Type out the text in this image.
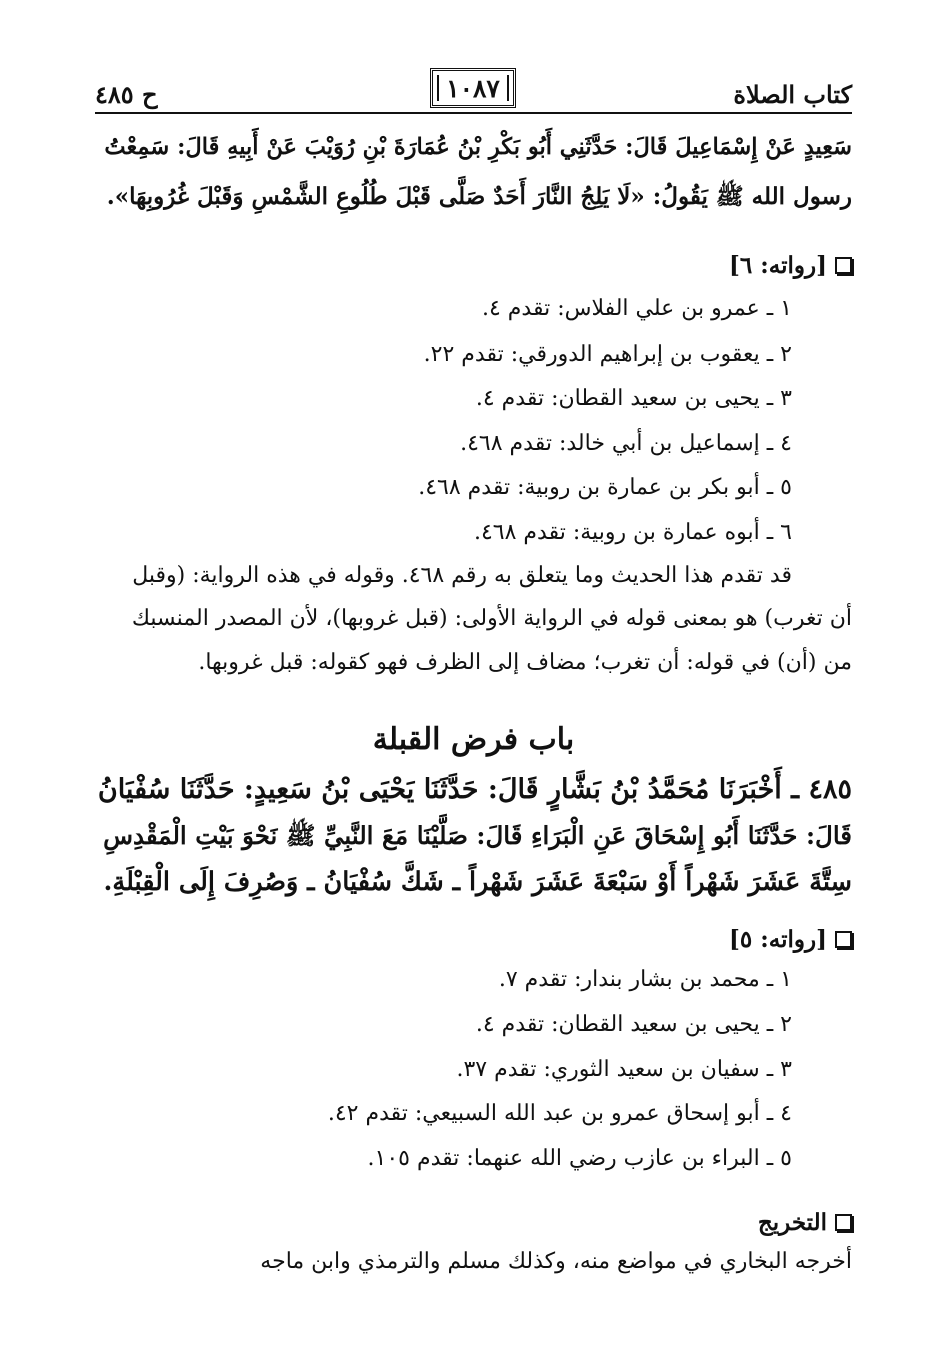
كتاب الصلاة
١٠٨٧
ح ٤٨٥
سَعِيدٍ عَنْ إِسْمَاعِيلَ قَالَ: حَدَّثَنِي أَبُو بَكْرِ بْنُ عُمَارَةَ بْنِ رُوَيْبَ عَنْ أَبِيهِ قَالَ: سَمِعْتُ
رسول الله ﷺ يَقُولُ: «لَا يَلِجُ النَّارَ أَحَدٌ صَلَّى قَبْلَ طُلُوعِ الشَّمْسِ وَقَبْلَ غُرُوبِهَا».
[رواته: ٦]
١ ـ عمرو بن علي الفلاس: تقدم ٤.
٢ ـ يعقوب بن إبراهيم الدورقي: تقدم ٢٢.
٣ ـ يحيى بن سعيد القطان: تقدم ٤.
٤ ـ إسماعيل بن أبي خالد: تقدم ٤٦٨.
٥ ـ أبو بكر بن عمارة بن روبية: تقدم ٤٦٨.
٦ ـ أبوه عمارة بن روبية: تقدم ٤٦٨.
قد تقدم هذا الحديث وما يتعلق به رقم ٤٦٨. وقوله في هذه الرواية: (وقبل
أن تغرب) هو بمعنى قوله في الرواية الأولى: (قبل غروبها)، لأن المصدر المنسبك
من (أن) في قوله: أن تغرب؛ مضاف إلى الظرف فهو كقوله: قبل غروبها.
باب فرض القبلة
٤٨٥ ـ أَخْبَرَنَا مُحَمَّدُ بْنُ بَشَّارٍ قَالَ: حَدَّثَنَا يَحْيَى بْنُ سَعِيدٍ: حَدَّثَنَا سُفْيَانُ
قَالَ: حَدَّثَنَا أَبُو إِسْحَاقَ عَنِ الْبَرَاءِ قَالَ: صَلَّيْنَا مَعَ النَّبِيِّ ﷺ نَحْوَ بَيْتِ الْمَقْدِسِ
سِتَّةَ عَشَرَ شَهْراً أَوْ سَبْعَةَ عَشَرَ شَهْراً ـ شَكَّ سُفْيَانُ ـ وَصُرِفَ إِلَى الْقِبْلَةِ.
[رواته: ٥]
١ ـ محمد بن بشار بندار: تقدم ٧.
٢ ـ يحيى بن سعيد القطان: تقدم ٤.
٣ ـ سفيان بن سعيد الثوري: تقدم ٣٧.
٤ ـ أبو إسحاق عمرو بن عبد الله السبيعي: تقدم ٤٢.
٥ ـ البراء بن عازب رضي الله عنهما: تقدم ١٠٥.
التخريج
أخرجه البخاري في مواضع منه، وكذلك مسلم والترمذي وابن ماجه
